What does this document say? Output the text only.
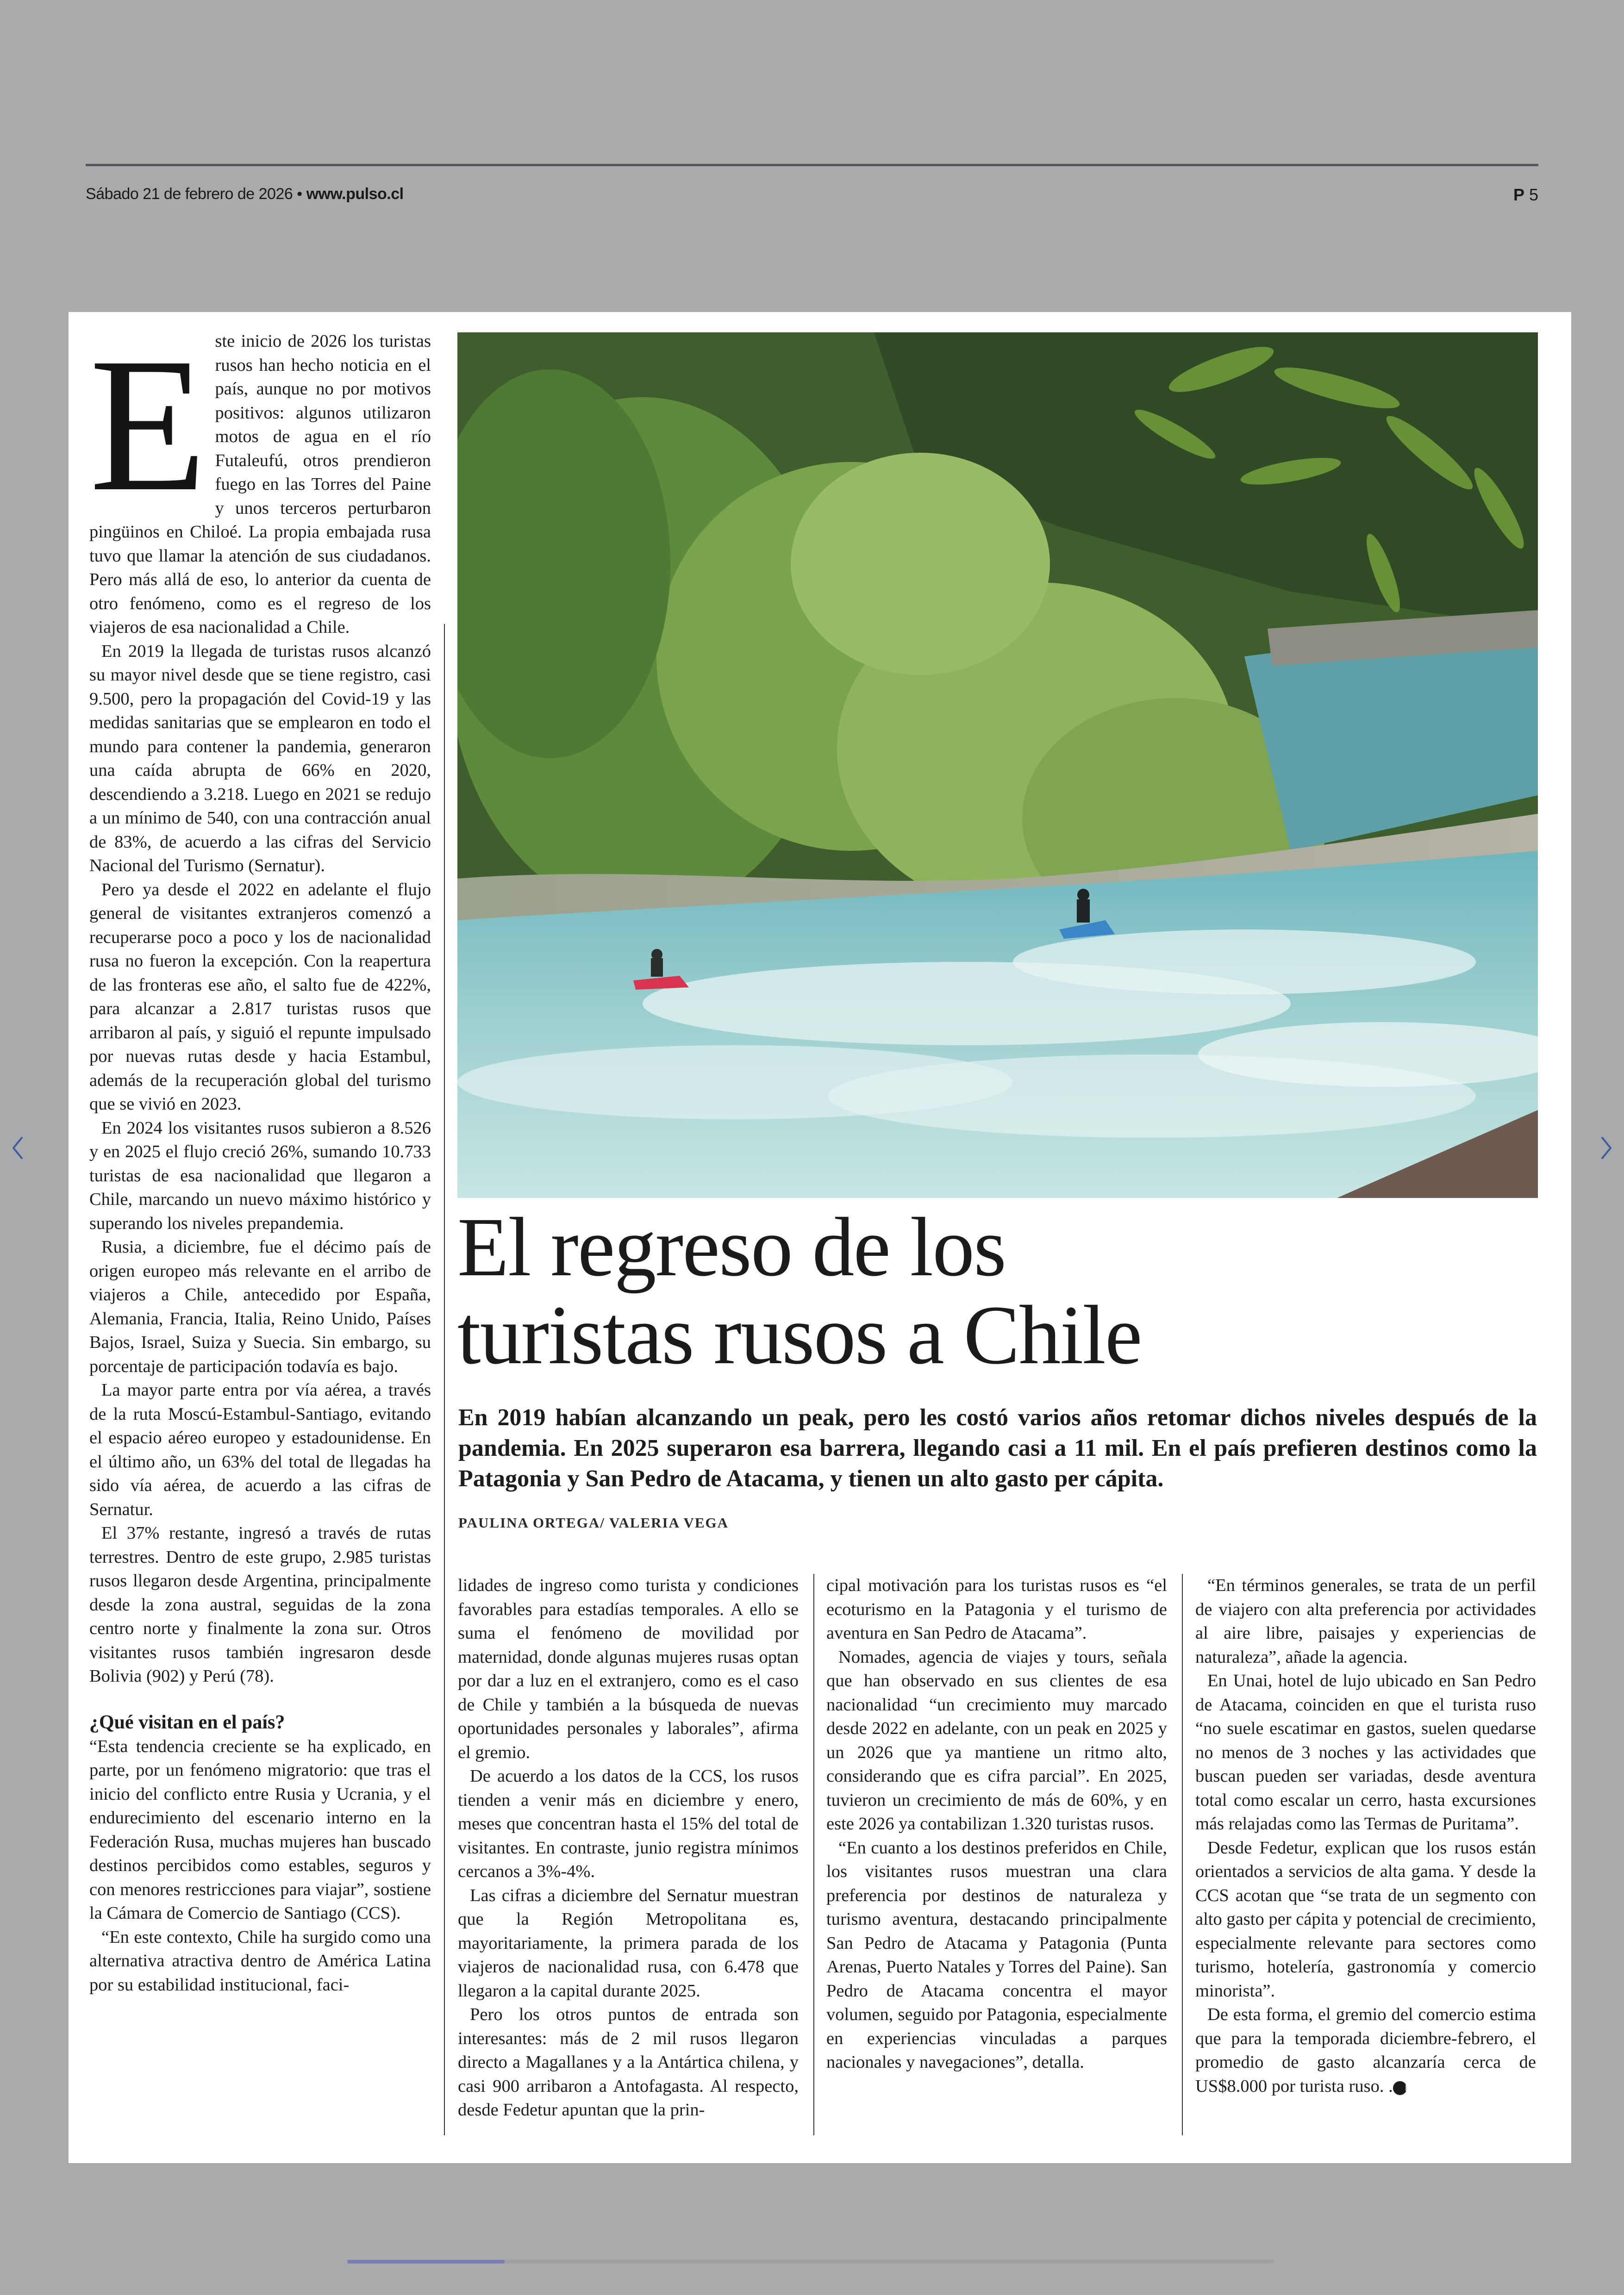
Sábado 21 de febrero de 2026 • www.pulso.cl	P 5
El regreso de los
turistas rusos a Chile
En 2019 habían alcanzando un peak, pero les costó varios años retomar dichos niveles después de la pandemia. En 2025 superaron esa barrera, llegando casi a 11 mil. En el país prefieren destinos como la Patagonia y San Pedro de Atacama, y tienen un alto gasto per cápita.
PAULINA ORTEGA/ VALERIA VEGA
E ste inicio de 2026 los turistas rusos han hecho noticia en el país, aunque no por motivos positivos: algunos utilizaron motos de agua en el río Futaleufú, otros prendieron fuego en las Torres del Paine y unos terceros perturbaron pingüinos en Chiloé. La propia embajada rusa tuvo que llamar la atención de sus ciudadanos. Pero más allá de eso, lo anterior da cuenta de otro fenómeno, como es el regreso de los viajeros de esa nacionalidad a Chile.

En 2019 la llegada de turistas rusos alcanzó su mayor nivel desde que se tiene registro, casi 9.500, pero la propagación del Covid-19 y las medidas sanitarias que se emplearon en todo el mundo para contener la pandemia, generaron una caída abrupta de 66% en 2020, descendiendo a 3.218. Luego en 2021 se redujo a un mínimo de 540, con una contracción anual de 83%, de acuerdo a las cifras del Servicio Nacional del Turismo (Sernatur).

Pero ya desde el 2022 en adelante el flujo general de visitantes extranjeros comenzó a recuperarse poco a poco y los de nacionalidad rusa no fueron la excepción. Con la reapertura de las fronteras ese año, el salto fue de 422%, para alcanzar a 2.817 turistas rusos que arribaron al país, y siguió el repunte impulsado por nuevas rutas desde y hacia Estambul, además de la recuperación global del turismo que se vivió en 2023.

En 2024 los visitantes rusos subieron a 8.526 y en 2025 el flujo creció 26%, sumando 10.733 turistas de esa nacionalidad que llegaron a Chile, marcando un nuevo máximo histórico y superando los niveles prepandemia.

Rusia, a diciembre, fue el décimo país de origen europeo más relevante en el arribo de viajeros a Chile, antecedido por España, Alemania, Francia, Italia, Reino Unido, Países Bajos, Israel, Suiza y Suecia. Sin embargo, su porcentaje de participación todavía es bajo.

La mayor parte entra por vía aérea, a través de la ruta Moscú-Estambul-Santiago, evitando el espacio aéreo europeo y estadounidense. En el último año, un 63% del total de llegadas ha sido vía aérea, de acuerdo a las cifras de Sernatur.

El 37% restante, ingresó a través de rutas terrestres. Dentro de este grupo, 2.985 turistas rusos llegaron desde Argentina, principalmente desde la zona austral, seguidas de la zona centro norte y finalmente la zona sur. Otros visitantes rusos también ingresaron desde Bolivia (902) y Perú (78).

¿Qué visitan en el país?

“Esta tendencia creciente se ha explicado, en parte, por un fenómeno migratorio: que tras el inicio del conflicto entre Rusia y Ucrania, y el endurecimiento del escenario interno en la Federación Rusa, muchas mujeres han buscado destinos percibidos como estables, seguros y con menores restricciones para viajar”, sostiene la Cámara de Comercio de Santiago (CCS).

“En este contexto, Chile ha surgido como una alternativa atractiva dentro de América Latina por su estabilidad institucional, faci-

lidades de ingreso como turista y condiciones favorables para estadías temporales. A ello se suma el fenómeno de movilidad por maternidad, donde algunas mujeres rusas optan por dar a luz en el extranjero, como es el caso de Chile y también a la búsqueda de nuevas oportunidades personales y laborales”, afirma el gremio.

De acuerdo a los datos de la CCS, los rusos tienden a venir más en diciembre y enero, meses que concentran hasta el 15% del total de visitantes. En contraste, junio registra mínimos cercanos a 3%-4%.

Las cifras a diciembre del Sernatur muestran que la Región Metropolitana es, mayoritariamente, la primera parada de los viajeros de nacionalidad rusa, con 6.478 que llegaron a la capital durante 2025.

Pero los otros puntos de entrada son interesantes: más de 2 mil rusos llegaron directo a Magallanes y a la Antártica chilena, y casi 900 arribaron a Antofagasta. Al respecto, desde Fedetur apuntan que la prin-

cipal motivación para los turistas rusos es “el ecoturismo en la Patagonia y el turismo de aventura en San Pedro de Atacama”.

Nomades, agencia de viajes y tours, señala que han observado en sus clientes de esa nacionalidad “un crecimiento muy marcado desde 2022 en adelante, con un peak en 2025 y un 2026 que ya mantiene un ritmo alto, considerando que es cifra parcial”. En 2025, tuvieron un crecimiento de más de 60%, y en este 2026 ya contabilizan 1.320 turistas rusos.

“En cuanto a los destinos preferidos en Chile, los visitantes rusos muestran una clara preferencia por destinos de naturaleza y turismo aventura, destacando principalmente San Pedro de Atacama y Patagonia (Punta Arenas, Puerto Natales y Torres del Paine). San Pedro de Atacama concentra el mayor volumen, seguido por Patagonia, especialmente en experiencias vinculadas a parques nacionales y navegaciones”, detalla.

“En términos generales, se trata de un perfil de viajero con alta preferencia por actividades al aire libre, paisajes y experiencias de naturaleza”, añade la agencia.

En Unai, hotel de lujo ubicado en San Pedro de Atacama, coinciden en que el turista ruso “no suele escatimar en gastos, suelen quedarse no menos de 3 noches y las actividades que buscan pueden ser variadas, desde aventura total como escalar un cerro, hasta excursiones más relajadas como las Termas de Puritama”.

Desde Fedetur, explican que los rusos están orientados a servicios de alta gama. Y desde la CCS acotan que “se trata de un segmento con alto gasto per cápita y potencial de crecimiento, especialmente relevante para sectores como turismo, hotelería, gastronomía y comercio minorista”.

De esta forma, el gremio del comercio estima que para la temporada diciembre-febrero, el promedio de gasto alcanzaría cerca de US$8.000 por turista ruso. . P
